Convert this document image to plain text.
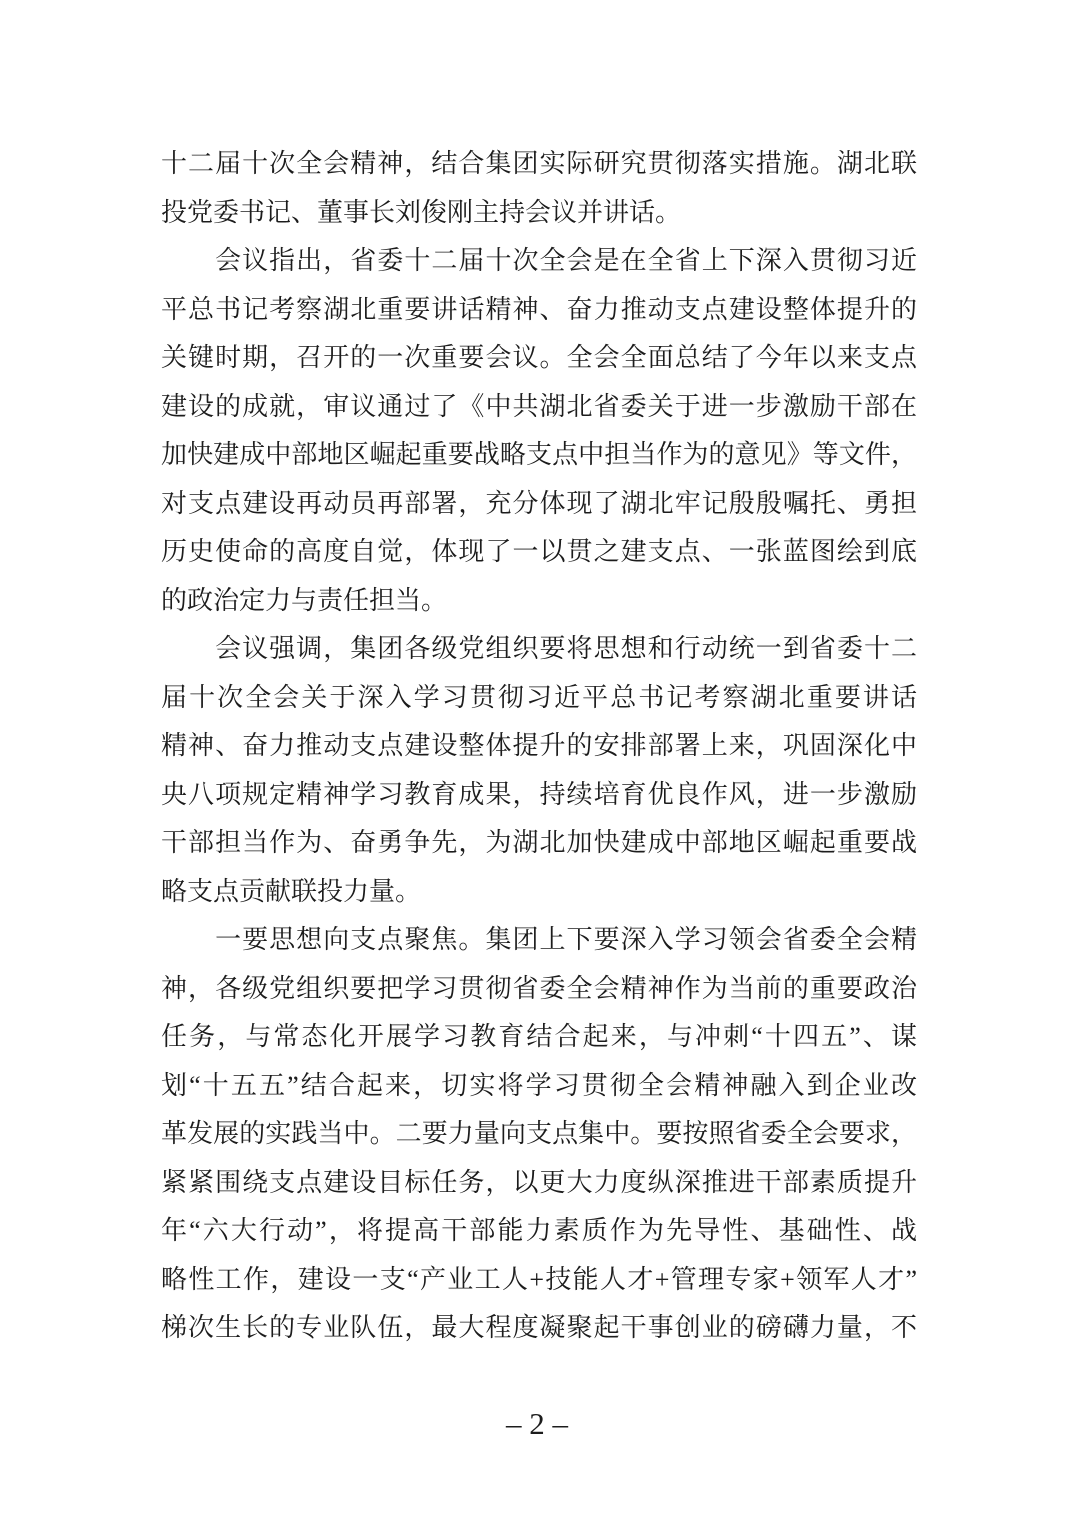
十二届十次全会精神，结合集团实际研究贯彻落实措施。湖北联
投党委书记、董事长刘俊刚主持会议并讲话。
　　会议指出，省委十二届十次全会是在全省上下深入贯彻习近
平总书记考察湖北重要讲话精神、奋力推动支点建设整体提升的
关键时期，召开的一次重要会议。全会全面总结了今年以来支点
建设的成就，审议通过了《中共湖北省委关于进一步激励干部在
加快建成中部地区崛起重要战略支点中担当作为的意见》等文件，
对支点建设再动员再部署，充分体现了湖北牢记殷殷嘱托、勇担
历史使命的高度自觉，体现了一以贯之建支点、一张蓝图绘到底
的政治定力与责任担当。
　　会议强调，集团各级党组织要将思想和行动统一到省委十二
届十次全会关于深入学习贯彻习近平总书记考察湖北重要讲话
精神、奋力推动支点建设整体提升的安排部署上来，巩固深化中
央八项规定精神学习教育成果，持续培育优良作风，进一步激励
干部担当作为、奋勇争先，为湖北加快建成中部地区崛起重要战
略支点贡献联投力量。
　　一要思想向支点聚焦。集团上下要深入学习领会省委全会精
神，各级党组织要把学习贯彻省委全会精神作为当前的重要政治
任务，与常态化开展学习教育结合起来，与冲刺“十四五”、谋
划“十五五”结合起来，切实将学习贯彻全会精神融入到企业改
革发展的实践当中。二要力量向支点集中。要按照省委全会要求，
紧紧围绕支点建设目标任务，以更大力度纵深推进干部素质提升
年“六大行动”，将提高干部能力素质作为先导性、基础性、战
略性工作，建设一支“产业工人+技能人才+管理专家+领军人才”
梯次生长的专业队伍，最大程度凝聚起干事创业的磅礴力量，不
– 2 –
